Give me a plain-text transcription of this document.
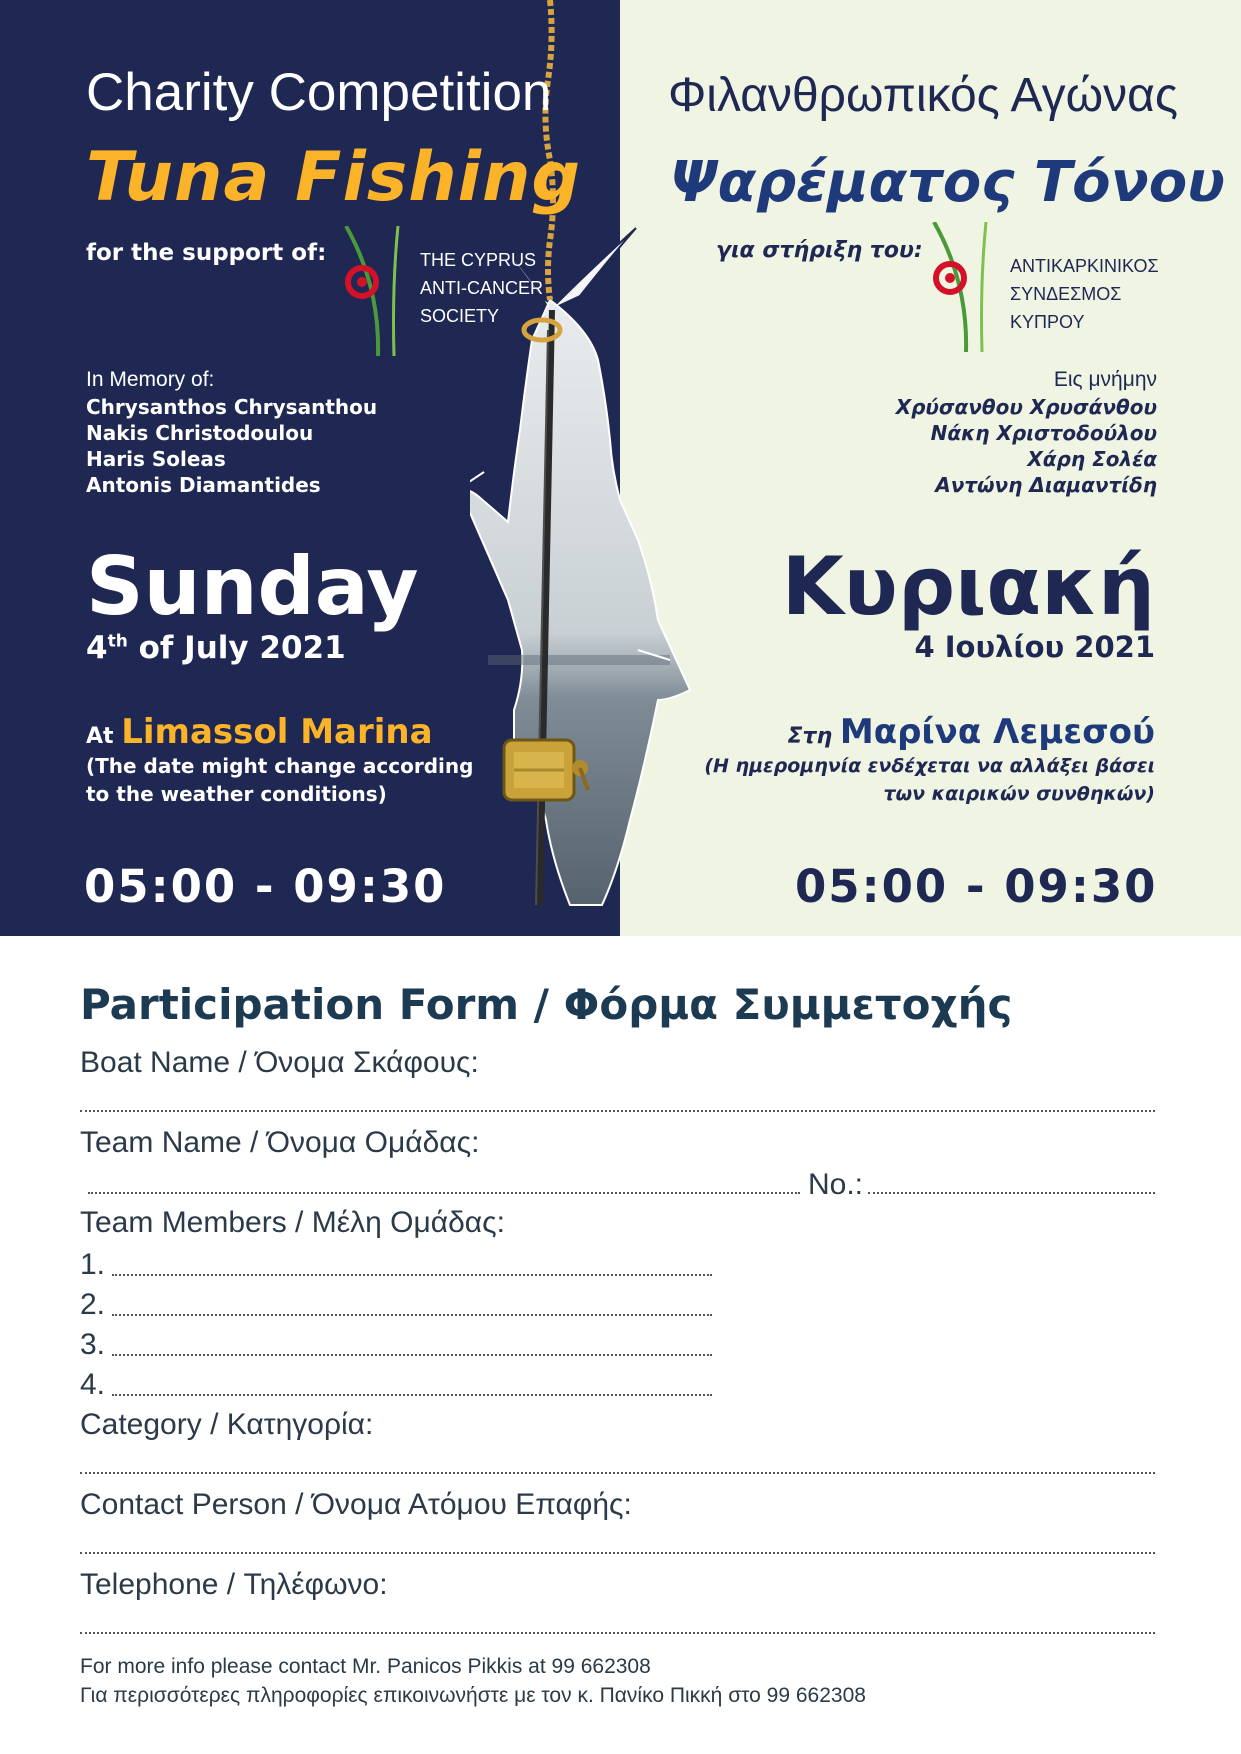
Charity Competition
Tuna Fishing
for the support of:	THE CYPRUS
ANTI-CANCER
SOCIETY
In Memory of:
Chrysanthos Chrysanthou
Nakis Christodoulou
Haris Soleas
Antonis Diamantides
Sunday
4th of July 2021
At Limassol Marina
(The date might change according
to the weather conditions)
05:00 - 09:30
Φιλανθρωπικός Αγώνας
Ψαρέματος Τόνου
για στήριξη του:
ΑΝΤΙΚΑΡΚΙΝΙΚΟΣ
ΣΥΝΔΕΣΜΟΣ
ΚΥΠΡΟΥ
Εις μνήμην
Χρύσανθου Χρυσάνθου
Νάκη Χριστοδούλου
Χάρη Σολέα
Αντώνη Διαμαντίδη
Κυριακή
4 Ιουλίου 2021
Στη Μαρίνα Λεμεσού
(Η ημερομηνία ενδέχεται να αλλάξει βάσει
των καιρικών συνθηκών)
05:00 - 09:30
Participation Form / Φόρμα Συμμετοχής
Boat Name / Όνομα Σκάφους:
Team Name / Όνομα Ομάδας:
No.:
Team Members / Μέλη Ομάδας:
1.
2.
3.
4.
Category / Κατηγορία:
Contact Person / Όνομα Ατόμου Επαφής:
Telephone / Τηλέφωνο:
For more info please contact Mr. Panicos Pikkis at 99 662308
Για περισσότερες πληροφορίες επικοινωνήστε με τον κ. Πανίκο Πικκή στο 99 662308
